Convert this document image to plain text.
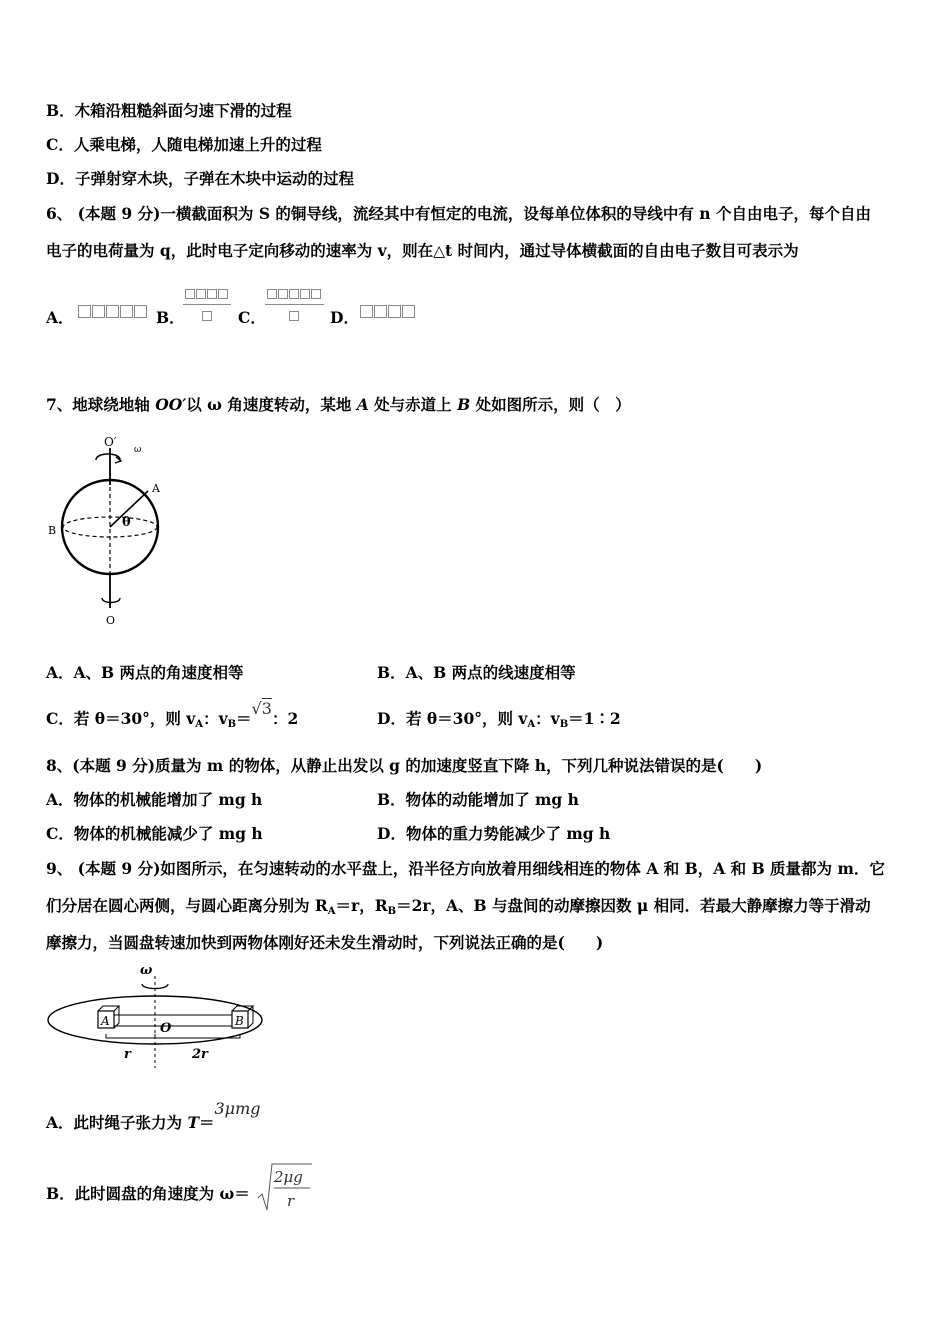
B．木箱沿粗糙斜面匀速下滑的过程
C．人乘电梯，人随电梯加速上升的过程
D．子弹射穿木块，子弹在木块中运动的过程
6、 (本题 9 分)一横截面积为 S 的铜导线，流经其中有恒定的电流，设每单位体积的导线中有 n 个自由电子，每个自由
电子的电荷量为 q，此时电子定向移动的速率为 v，则在△t 时间内，通过导体横截面的自由电子数目可表示为
A．	B．	C．	D．
7、地球绕地轴 OO′以 ω 角速度转动，某地 A 处与赤道上 B 处如图所示，则（　）
O′
ω
A
B
θ
O
A．A、B 两点的角速度相等	B．A、B 两点的线速度相等
C．若 θ＝30°，则 $v_A$：$v_B=√3$：2	D．若 θ＝30°，则 $v_A$：$v_B=1∶2$
8、(本题 9 分)质量为 m 的物体，从静止出发以 g 的加速度竖直下降 h，下列几种说法错误的是(　　)
A．物体的机械能增加了 mg h	B．物体的动能增加了 mg h
C．物体的机械能减少了 mg h	D．物体的重力势能减少了 mg h
9、 (本题 9 分)如图所示，在匀速转动的水平盘上，沿半径方向放着用细线相连的物体 A 和 B，A 和 B 质量都为 m．它
们分居在圆心两侧，与圆心距离分别为 $R_A=r$，$R_B=2r$，A、B 与盘间的动摩擦因数 μ 相同．若最大静摩擦力等于滑动
摩擦力，当圆盘转速加快到两物体刚好还未发生滑动时，下列说法正确的是(　　)
ω
A	B
O
r	2r
A．此时绳子张力为 T＝3μmg
B．此时圆盘的角速度为 ω＝
2μg
r
